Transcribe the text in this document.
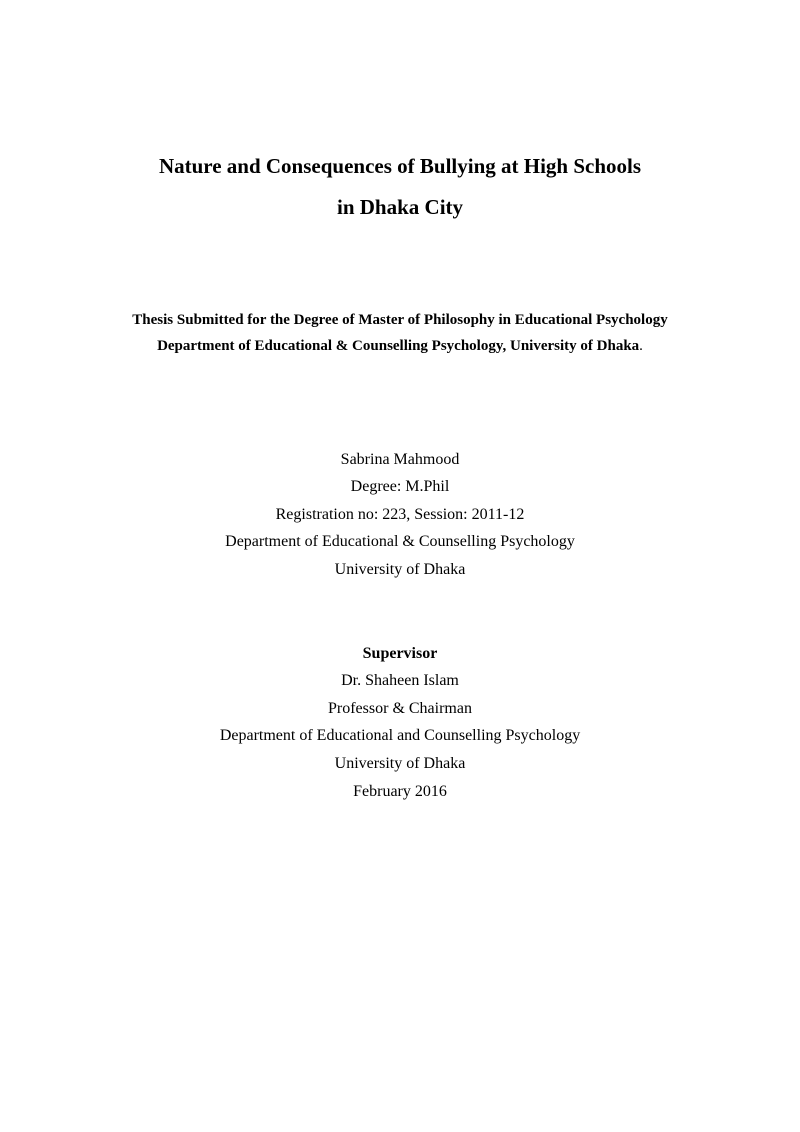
Nature and Consequences of Bullying at High Schools
in Dhaka City
Thesis Submitted for the Degree of Master of Philosophy in Educational Psychology
Department of Educational & Counselling Psychology, University of Dhaka.
Sabrina Mahmood
Degree: M.Phil
Registration no: 223, Session: 2011-12
Department of Educational & Counselling Psychology
University of Dhaka
Supervisor
Dr. Shaheen Islam
Professor & Chairman
Department of Educational and Counselling Psychology
University of Dhaka
February 2016
